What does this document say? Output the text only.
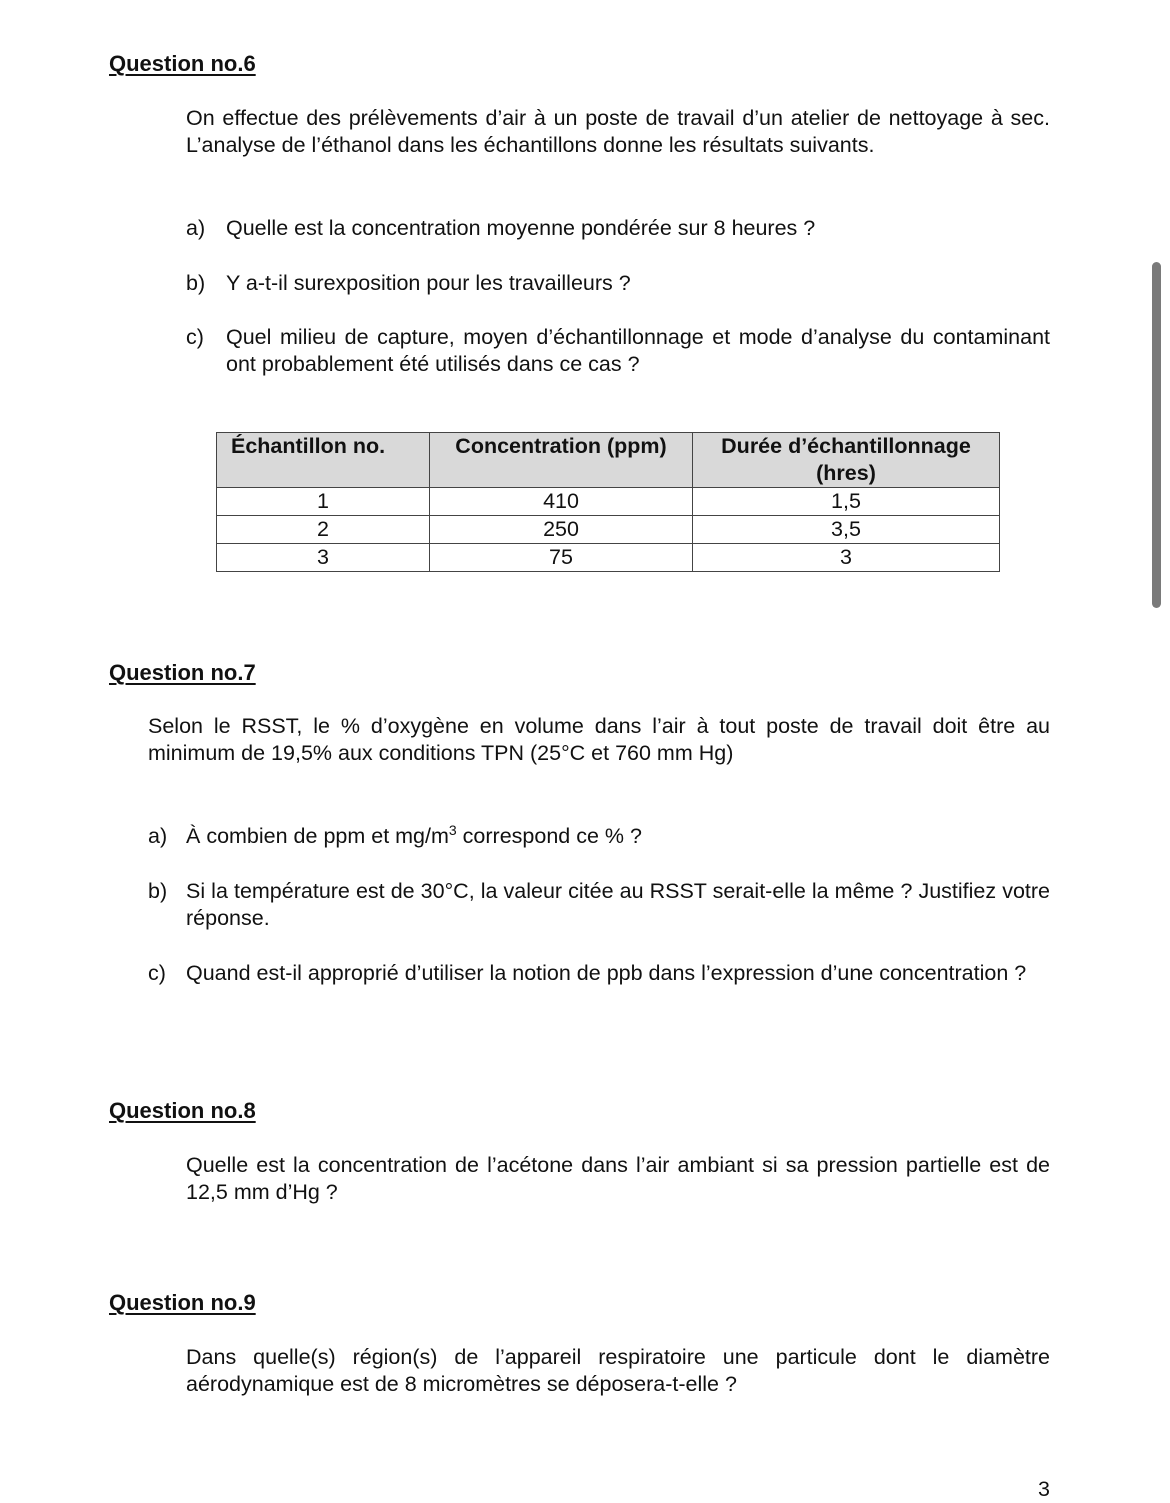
Question no.6
On effectue des prélèvements d’air à un poste de travail d’un atelier de nettoyage à sec. L’analyse de l’éthanol dans les échantillons donne les résultats suivants.
a) Quelle est la concentration moyenne pondérée sur 8 heures ?
b) Y a-t-il surexposition pour les travailleurs ?
c)	Quel milieu de capture, moyen d’échantillonnage et mode d’analyse du contaminant ont probablement été utilisés dans ce cas ?
Échantillon no.	Concentration (ppm)	Durée d’échantillonnage (hres)
1	410	1,5
2	250	3,5
3	75	3
Question no.7
Selon le RSST, le % d’oxygène en volume dans l’air à tout poste de travail doit être au minimum de 19,5% aux conditions TPN (25°C et 760 mm Hg)
a) À combien de ppm et $mg/m^3$ correspond ce % ?
b) Si la température est de 30°C, la valeur citée au RSST serait-elle la même ? Justifiez votre réponse.
c) Quand est-il approprié d’utiliser la notion de ppb dans l’expression d’une concentration ?
Question no.8
Quelle est la concentration de l’acétone dans l’air ambiant si sa pression partielle est de 12,5 mm d’Hg ?
Question no.9
Dans quelle(s) région(s) de l’appareil respiratoire une particule dont le diamètre aérodynamique est de 8 micromètres se déposera-t-elle ?
3
